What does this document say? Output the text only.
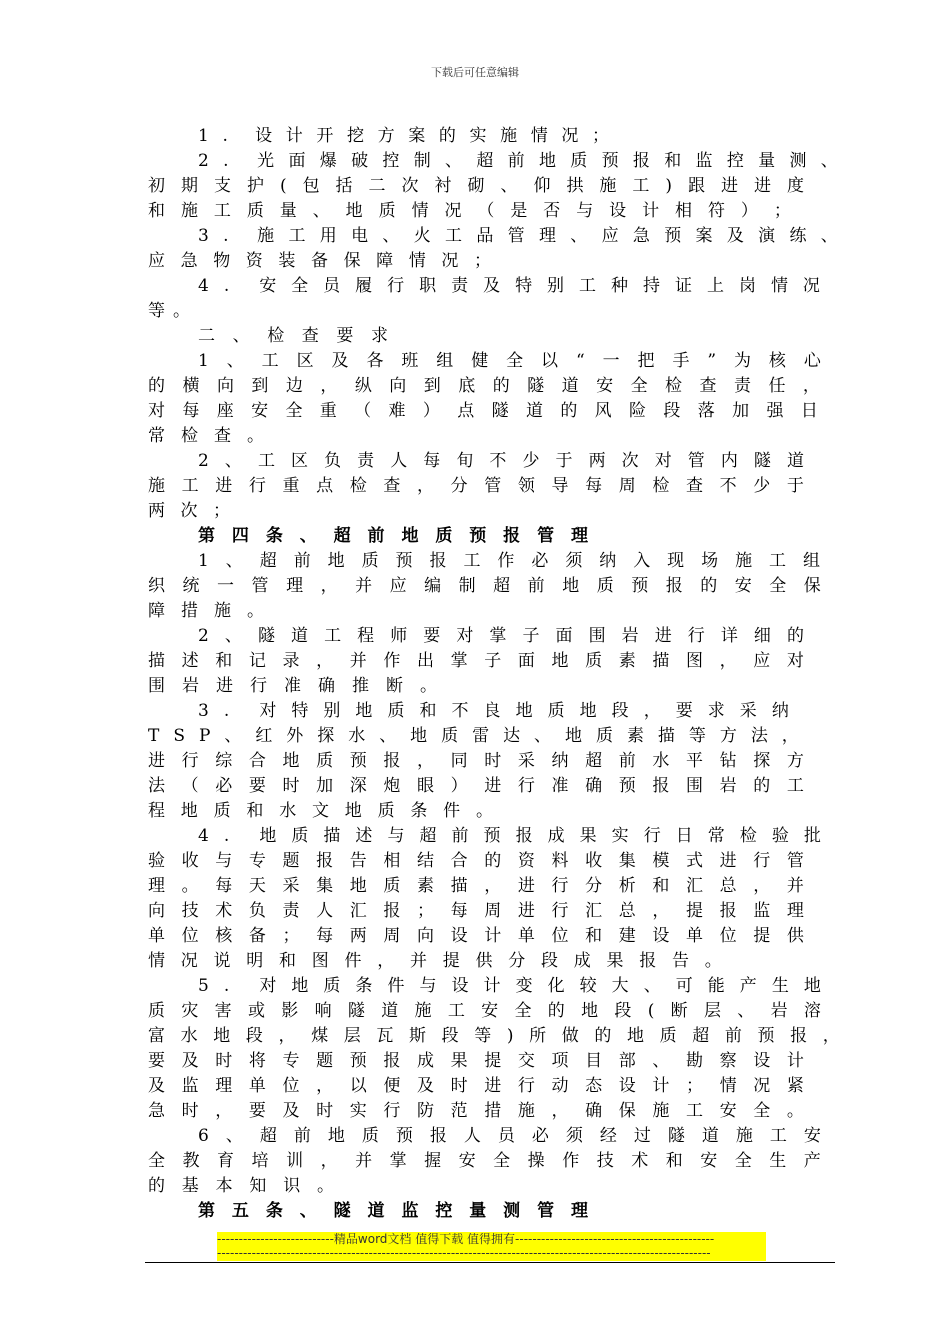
下载后可任意编辑
1 . 设 计 开 挖 方 案 的 实 施 情 况 ；
2 . 光 面 爆 破 控 制 、 超 前 地 质 预 报 和 监 控 量 测 、
初 期 支 护 ( 包 括 二 次 衬 砌 、 仰 拱 施 工 ) 跟 进 进 度
和 施 工 质 量 、 地 质 情 况 （ 是 否 与 设 计 相 符 ） ；
3 . 施 工 用 电 、 火 工 品 管 理 、 应 急 预 案 及 演 练 、
应 急 物 资 装 备 保 障 情 况 ；
4 . 安 全 员 履 行 职 责 及 特 别 工 种 持 证 上 岗 情 况
等 。
二 、 检 查 要 求
1 、 工 区 及 各 班 组 健 全 以 “ 一 把 手 ” 为 核 心
的 横 向 到 边 ， 纵 向 到 底 的 隧 道 安 全 检 查 责 任 ，
对 每 座 安 全 重 （ 难 ） 点 隧 道 的 风 险 段 落 加 强 日
常 检 查 。
2 、 工 区 负 责 人 每 旬 不 少 于 两 次 对 管 内 隧 道
施 工 进 行 重 点 检 查 ， 分 管 领 导 每 周 检 查 不 少 于
两 次 ；
第 四 条 、 超 前 地 质 预 报 管 理
1 、 超 前 地 质 预 报 工 作 必 须 纳 入 现 场 施 工 组
织 统 一 管 理 ， 并 应 编 制 超 前 地 质 预 报 的 安 全 保
障 措 施 。
2 、 隧 道 工 程 师 要 对 掌 子 面 围 岩 进 行 详 细 的
描 述 和 记 录 ， 并 作 出 掌 子 面 地 质 素 描 图 ， 应 对
围 岩 进 行 准 确 推 断 。
3 . 对 特 别 地 质 和 不 良 地 质 地 段 ， 要 求 采 纳
T S P 、 红 外 探 水 、 地 质 雷 达 、 地 质 素 描 等 方 法 ，
进 行 综 合 地 质 预 报 ， 同 时 采 纳 超 前 水 平 钻 探 方
法 （ 必 要 时 加 深 炮 眼 ） 进 行 准 确 预 报 围 岩 的 工
程 地 质 和 水 文 地 质 条 件 。
4 . 地 质 描 述 与 超 前 预 报 成 果 实 行 日 常 检 验 批
验 收 与 专 题 报 告 相 结 合 的 资 料 收 集 模 式 进 行 管
理 。 每 天 采 集 地 质 素 描 ， 进 行 分 析 和 汇 总 ， 并
向 技 术 负 责 人 汇 报 ； 每 周 进 行 汇 总 ， 提 报 监 理
单 位 核 备 ； 每 两 周 向 设 计 单 位 和 建 设 单 位 提 供
情 况 说 明 和 图 件 ， 并 提 供 分 段 成 果 报 告 。
5 . 对 地 质 条 件 与 设 计 变 化 较 大 、 可 能 产 生 地
质 灾 害 或 影 响 隧 道 施 工 安 全 的 地 段 ( 断 层 、 岩 溶
富 水 地 段 ， 煤 层 瓦 斯 段 等 ) 所 做 的 地 质 超 前 预 报 ，
要 及 时 将 专 题 预 报 成 果 提 交 项 目 部 、 勘 察 设 计
及 监 理 单 位 ， 以 便 及 时 进 行 动 态 设 计 ； 情 况 紧
急 时 ， 要 及 时 实 行 防 范 措 施 ， 确 保 施 工 安 全 。
6 、 超 前 地 质 预 报 人 员 必 须 经 过 隧 道 施 工 安
全 教 育 培 训 ， 并 掌 握 安 全 操 作 技 术 和 安 全 生 产
的 基 本 知 识 。
第 五 条 、 隧 道 监 控 量 测 管 理
---------------------------精品word文档 值得下载 值得拥有----------------------------------------------
------------------------------------------------------------------------------------------------------------------
